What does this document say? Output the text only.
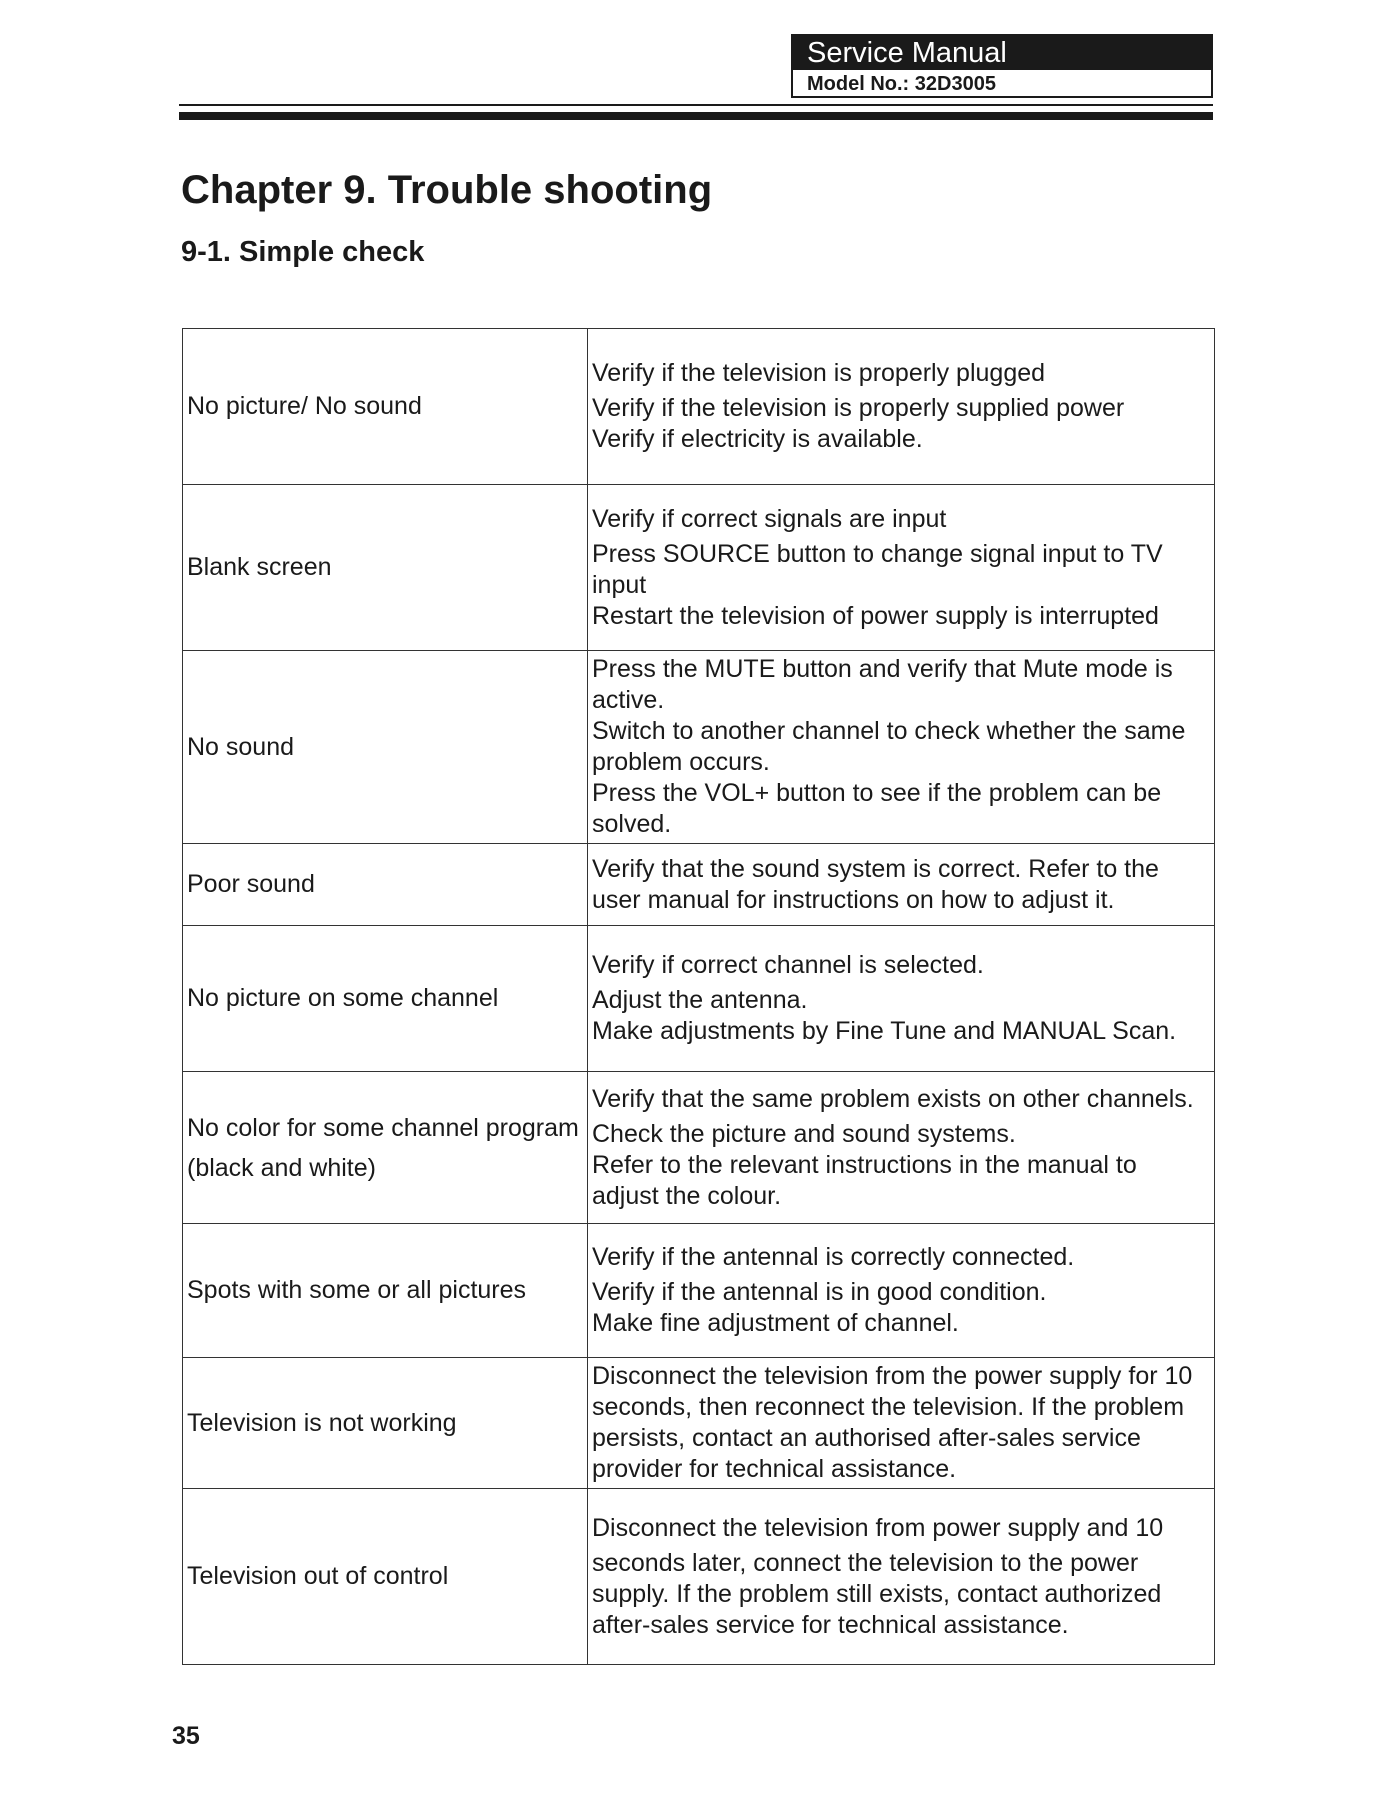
Service Manual
Model No.: 32D3005
Chapter 9. Trouble shooting
9-1. Simple check
No picture/ No sound	Verify if the television is properly plugged
Verify if the television is properly supplied power
Verify if electricity is available.

Blank screen	Verify if correct signals are input
Press SOURCE button to change signal input to TV input
Restart the television of power supply is interrupted

No sound	Press the MUTE button and verify that Mute mode is active.
Switch to another channel to check whether the same problem occurs.
Press the VOL+ button to see if the problem can be solved.

Poor sound	Verify that the sound system is correct. Refer to the user manual for instructions on how to adjust it.

No picture on some channel	Verify if correct channel is selected.
Adjust the antenna.
Make adjustments by Fine Tune and MANUAL Scan.

No color for some channel program (black and white)	Verify that the same problem exists on other channels.
Check the picture and sound systems.
Refer to the relevant instructions in the manual to adjust the colour.

Spots with some or all pictures	Verify if the antennal is correctly connected.
Verify if the antennal is in good condition.
Make fine adjustment of channel.

Television is not working	Disconnect the television from the power supply for 10 seconds, then reconnect the television. If the problem persists, contact an authorised after-sales service provider for technical assistance.

Television out of control	Disconnect the television from power supply and 10
seconds later, connect the television to the power supply. If the problem still exists, contact authorized after-sales service for technical assistance.
35
